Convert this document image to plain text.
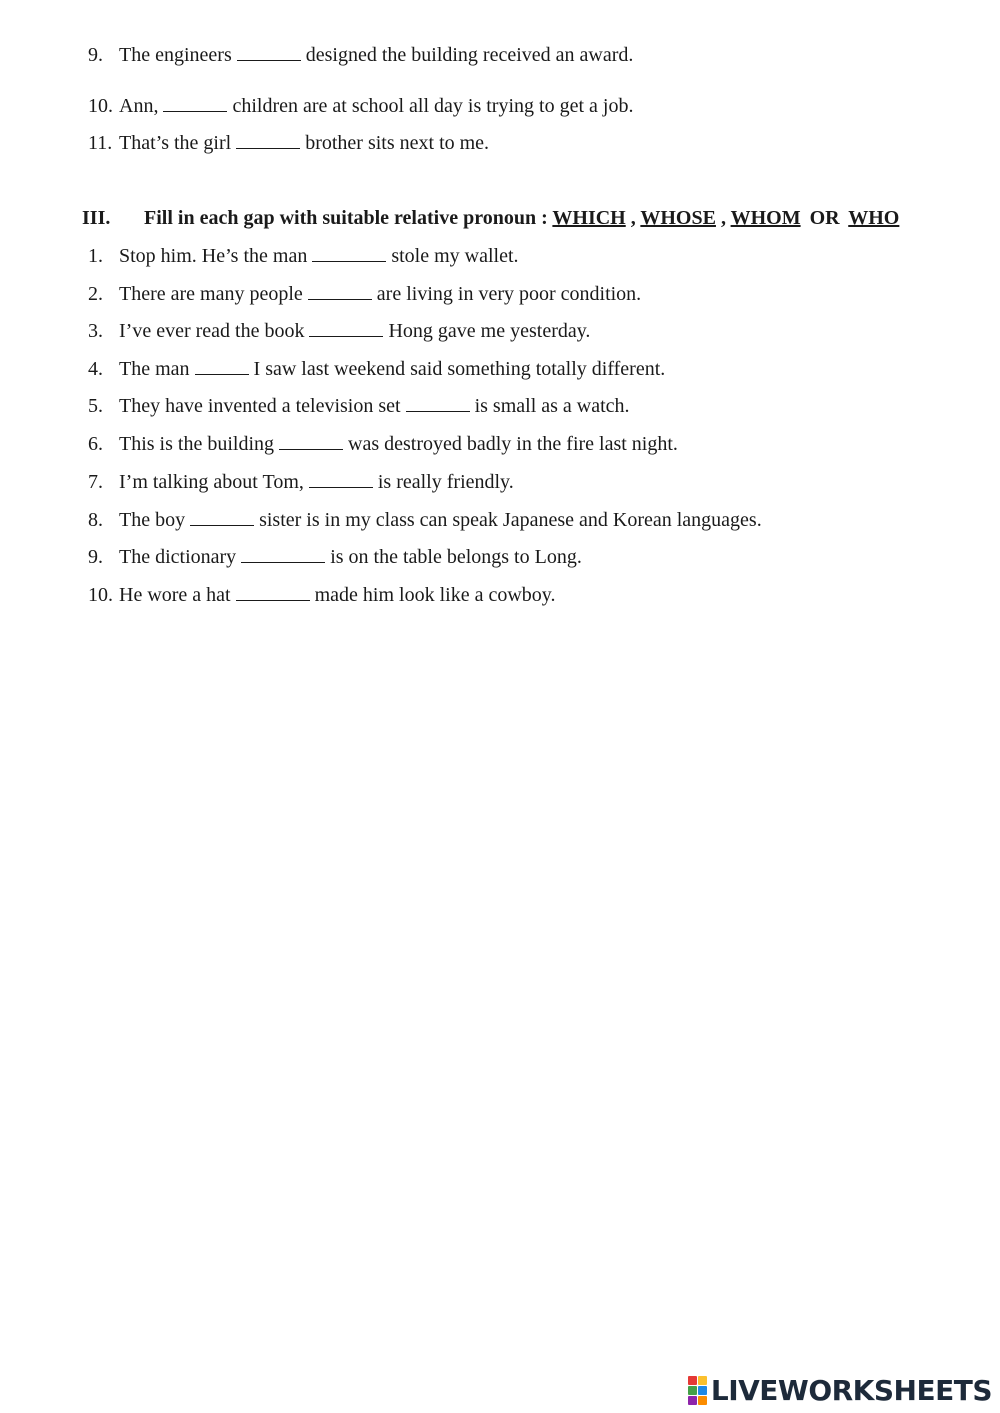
9. The engineers	designed the building received an award.
10. Ann,	children are at school all day is trying to get a job.
11. That’s the girl	brother sits next to me.
III. Fill in each gap with suitable relative pronoun : WHICH , WHOSE , WHOM OR WHO
1. Stop him. He’s the man	stole my wallet.
2. There are many people	are living in very poor condition.
3. I’ve ever read the book	Hong gave me yesterday.
4. The man	I saw last weekend said something totally different.
5. They have invented a television set	is small as a watch.
6. This is the building	was destroyed badly in the fire last night.
7. I’m talking about Tom,	is really friendly.
8. The boy	sister is in my class can speak Japanese and Korean languages.
9. The dictionary	is on the table belongs to Long.
10. He wore a hat	made him look like a cowboy.
LIVEWORKSHEETS
